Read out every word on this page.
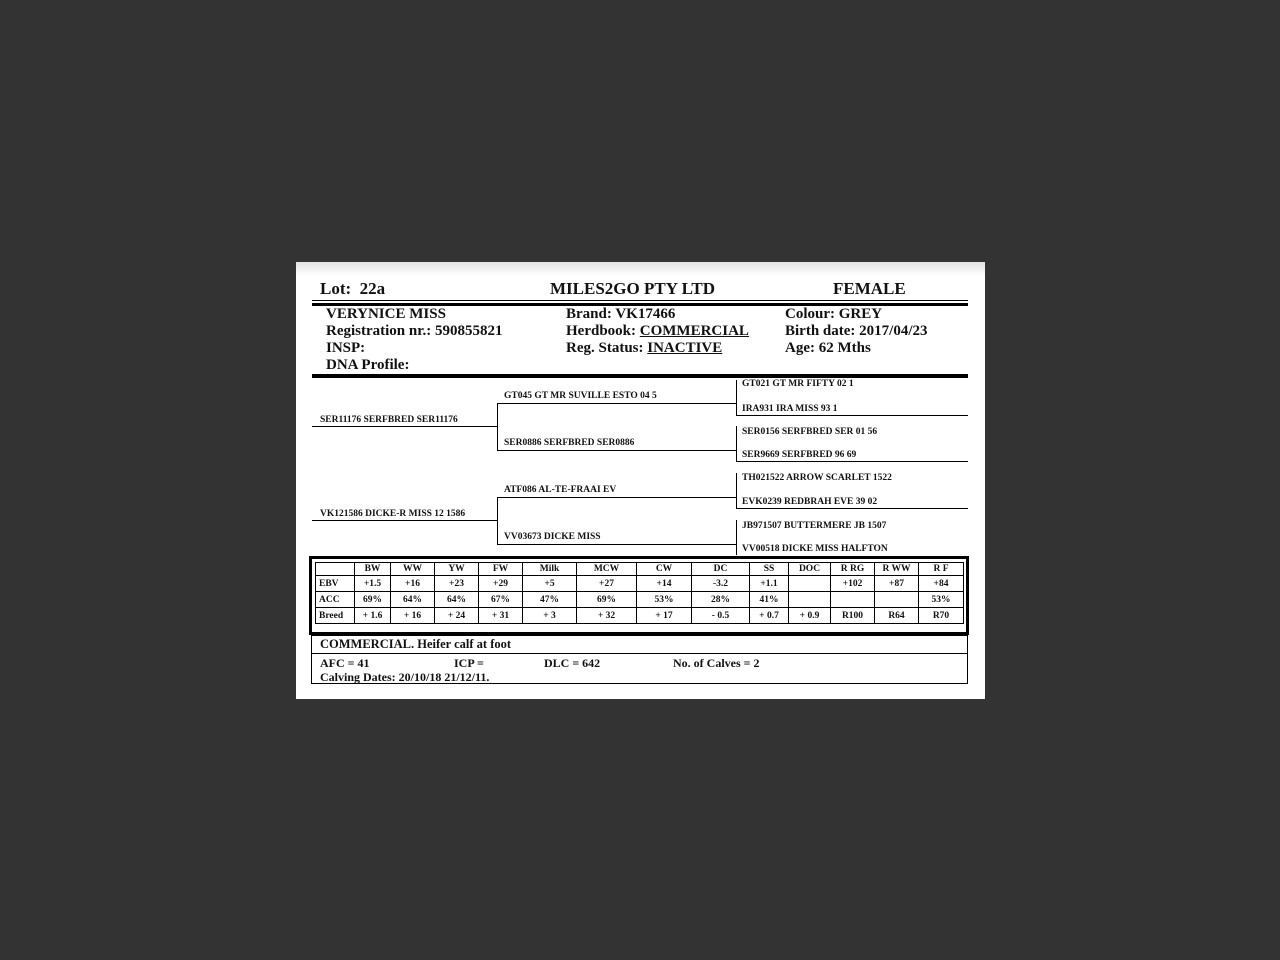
Lot: 22a	MILES2GO PTY LTD	FEMALE
VERYNICE MISS
Registration nr.: 590855821
INSP:
DNA Profile:
Brand: VK17466
Herdbook: COMMERCIAL
Reg. Status: INACTIVE
Colour: GREY
Birth date: 2017/04/23
Age: 62 Mths
SER11176 SERFBRED SER11176
VK121586 DICKE-R MISS 12 1586
GT045 GT MR SUVILLE ESTO 04 5
SER0886 SERFBRED SER0886
ATF086 AL-TE-FRAAI EV
VV03673 DICKE MISS
GT021 GT MR FIFTY 02 1
IRA931 IRA MISS 93 1
SER0156 SERFBRED SER 01 56
SER9669 SERFBRED 96 69
TH021522 ARROW SCARLET 1522
EVK0239 REDBRAH EVE 39 02
JB971507 BUTTERMERE JB 1507
VV00518 DICKE MISS HALFTON
	BW	WW	YW	FW	Milk	MCW	CW	DC	SS	DOC	R RG	R WW	R F
EBV	+1.5	+16	+23	+29	+5	+27	+14	-3.2	+1.1		+102	+87	+84
ACC	69%	64%	64%	67%	47%	69%	53%	28%	41%				53%
Breed	+ 1.6	+ 16	+ 24	+ 31	+ 3	+ 32	+ 17	- 0.5	+ 0.7	+ 0.9	R100	R64	R70
COMMERCIAL. Heifer calf at foot
AFC = 41	ICP =	DLC = 642	No. of Calves = 2
Calving Dates: 20/10/18 21/12/11.
